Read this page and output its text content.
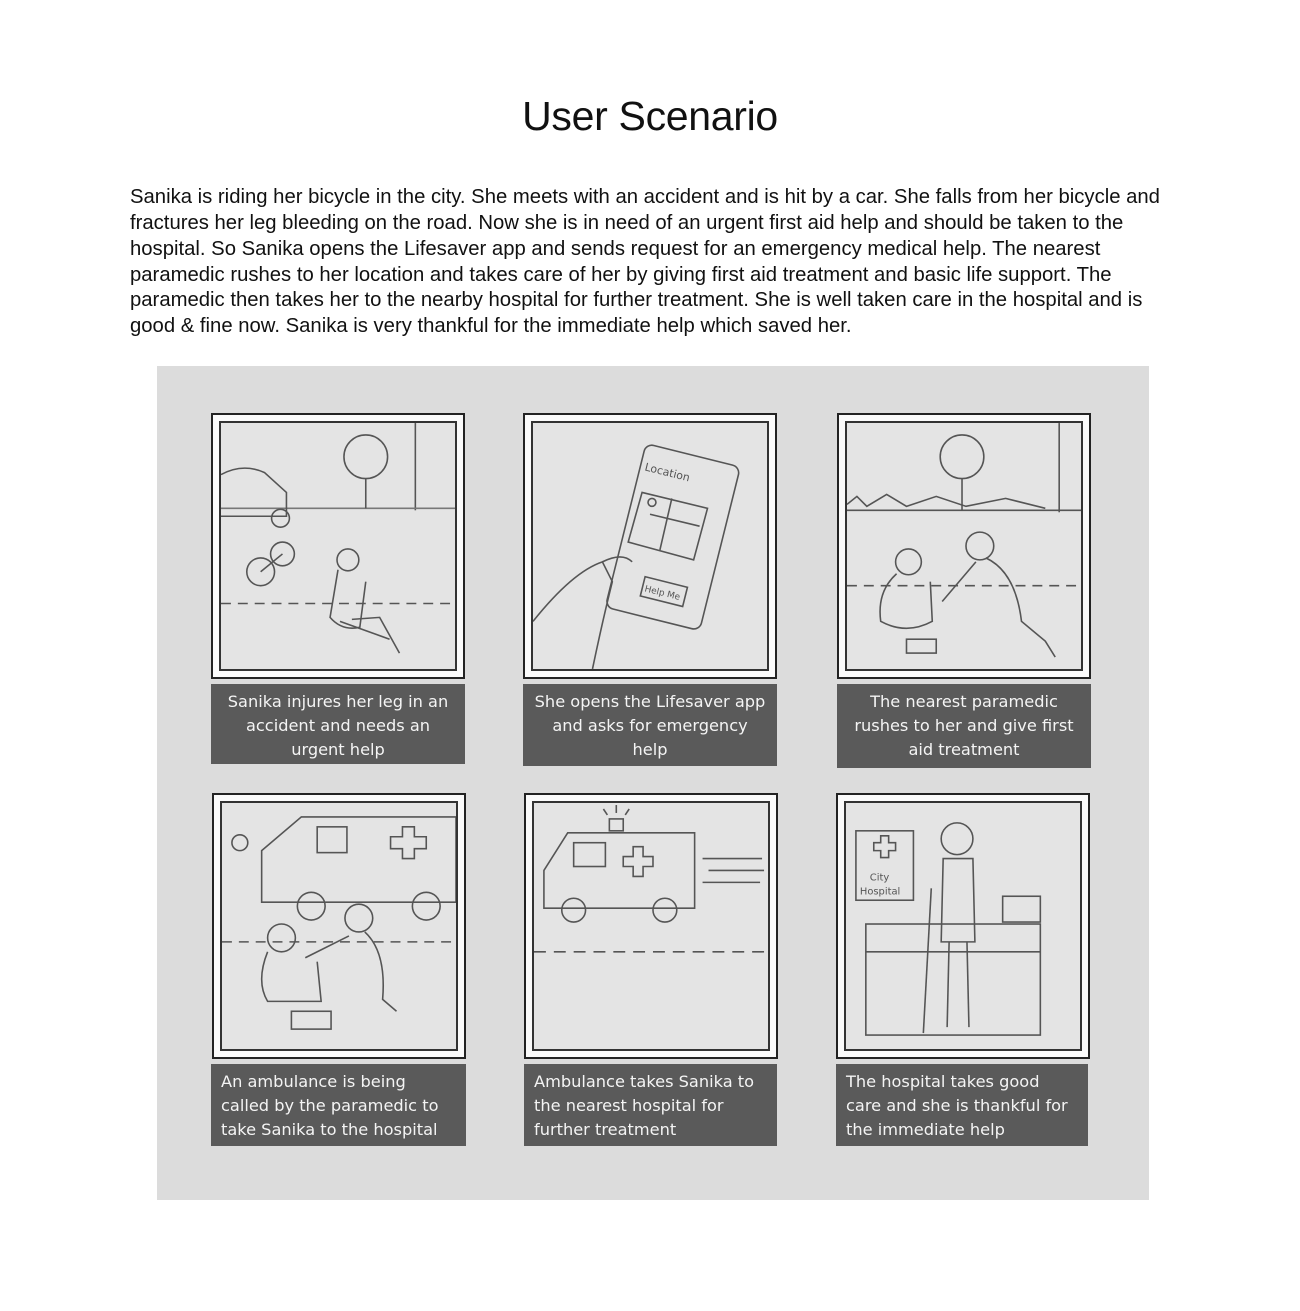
User Scenario

Sanika is riding her bicycle in the city. She meets with an accident and is hit by a car. She falls from her bicycle and fractures her leg bleeding on the road. Now she is in need of an urgent first aid help and should be taken to the hospital. So Sanika opens the Lifesaver app and sends request for an emergency medical help. The nearest paramedic rushes to her location and takes care of her by giving first aid treatment and basic life support. The paramedic then takes her to the nearby hospital for further treatment. She is well taken care in the hospital and is good & fine now. Sanika is very thankful for the immediate help which saved her.

Sanika injures her leg in an accident and needs an urgent help
Location
Help Me
She opens the Lifesaver app and asks for emergency help
The nearest paramedic rushes to her and give first aid treatment
An ambulance is being called by the paramedic to take Sanika to the hospital
Ambulance takes Sanika to the nearest hospital for further treatment
City
Hospital
The hospital takes good care and she is thankful for the immediate help
